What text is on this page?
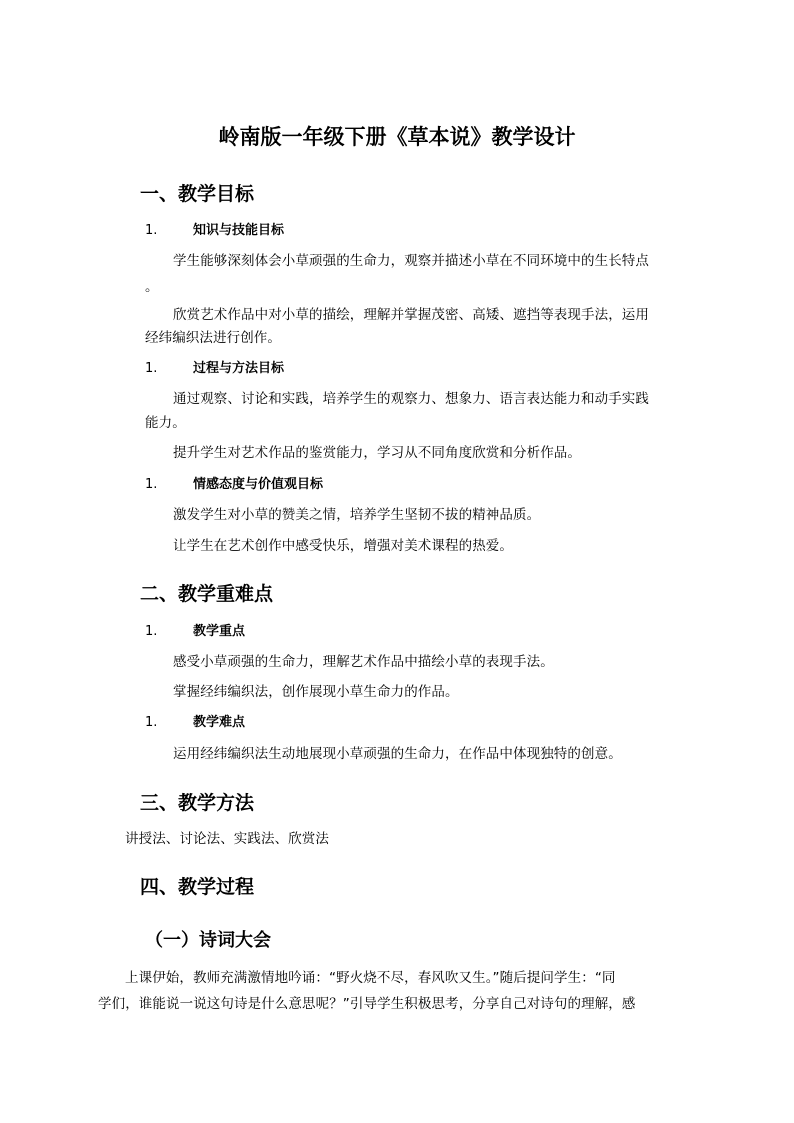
岭南版一年级下册《草本说》教学设计
一、教学目标
1.	知识与技能目标
学生能够深刻体会小草顽强的生命力，观察并描述小草在不同环境中的生长特点
。
欣赏艺术作品中对小草的描绘，理解并掌握茂密、高矮、遮挡等表现手法，运用
经纬编织法进行创作。
1.	过程与方法目标
通过观察、讨论和实践，培养学生的观察力、想象力、语言表达能力和动手实践
能力。
提升学生对艺术作品的鉴赏能力，学习从不同角度欣赏和分析作品。
1.	情感态度与价值观目标
激发学生对小草的赞美之情，培养学生坚韧不拔的精神品质。
让学生在艺术创作中感受快乐，增强对美术课程的热爱。
二、教学重难点
1.	教学重点
感受小草顽强的生命力，理解艺术作品中描绘小草的表现手法。
掌握经纬编织法，创作展现小草生命力的作品。
1.	教学难点
运用经纬编织法生动地展现小草顽强的生命力，在作品中体现独特的创意。
三、教学方法
讲授法、讨论法、实践法、欣赏法
四、教学过程
（一）诗词大会
上课伊始，教师充满激情地吟诵：“野火烧不尽，春风吹又生。”随后提问学生：“同
学们，谁能说一说这句诗是什么意思呢？”引导学生积极思考，分享自己对诗句的理解，感
